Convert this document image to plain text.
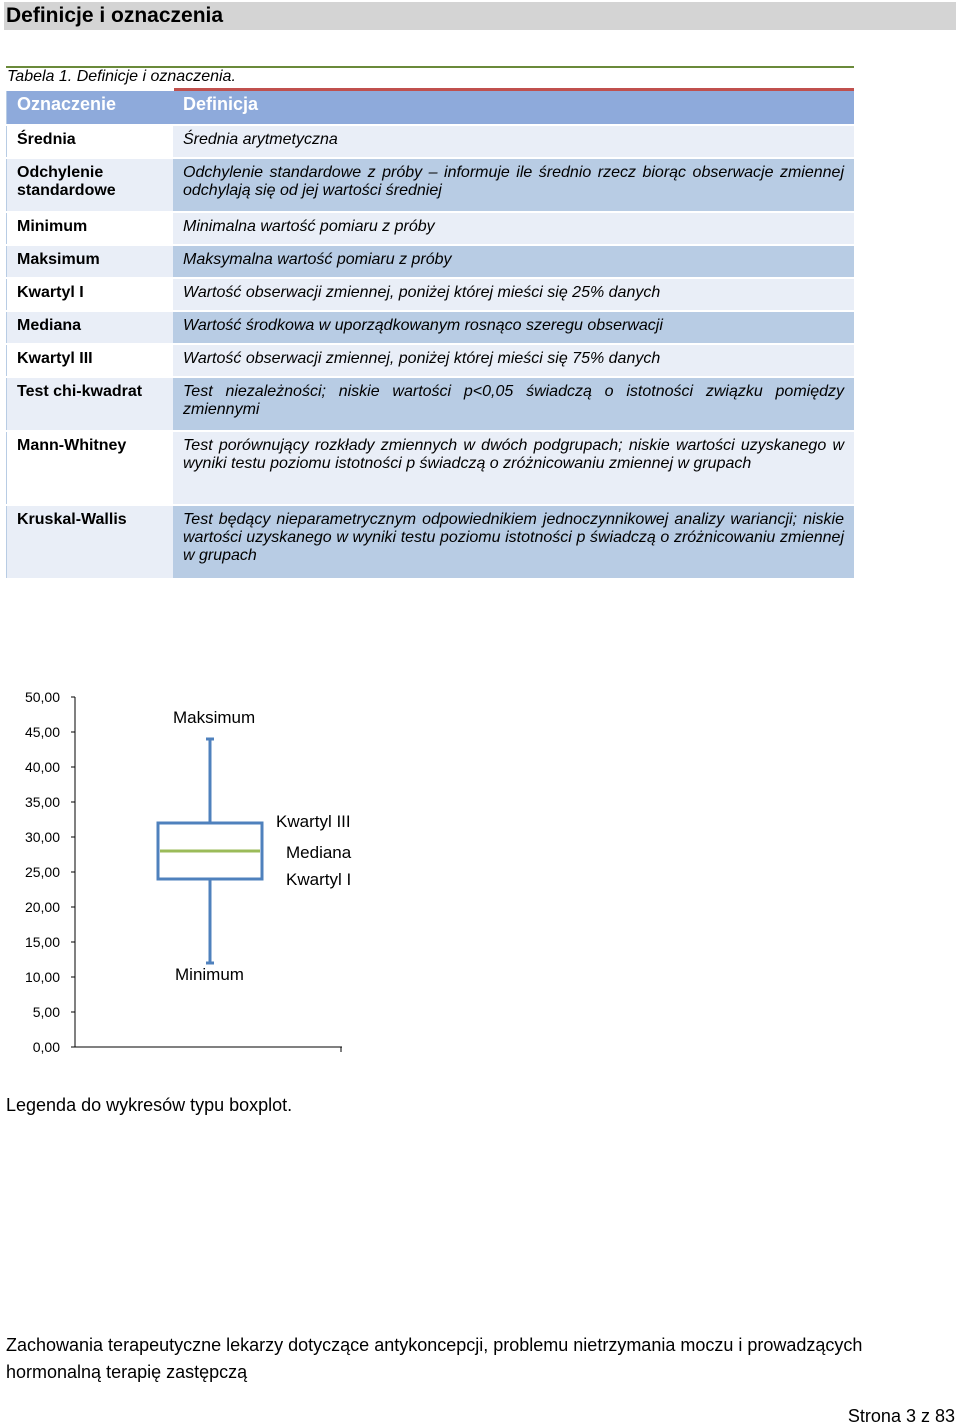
Definicje i oznaczenia
Tabela 1. Definicje i oznaczenia.
Oznaczenie	Definicja
Średnia	Średnia arytmetyczna
Odchylenie standardowe	Odchylenie standardowe z próby – informuje ile średnio rzecz biorąc obserwacje zmiennej odchylają się od jej wartości średniej
Minimum	Minimalna wartość pomiaru z próby
Maksimum	Maksymalna wartość pomiaru z próby
Kwartyl I	Wartość obserwacji zmiennej, poniżej której mieści się 25% danych
Mediana	Wartość środkowa w uporządkowanym rosnąco szeregu obserwacji
Kwartyl III	Wartość obserwacji zmiennej, poniżej której mieści się 75% danych
Test chi-kwadrat	Test niezależności; niskie wartości p<0,05 świadczą o istotności związku pomiędzy zmiennymi
Mann-Whitney	Test porównujący rozkłady zmiennych w dwóch podgrupach; niskie wartości uzyskanego w wyniki testu poziomu istotności p świadczą o zróżnicowaniu zmiennej w grupach
Kruskal-Wallis	Test będący nieparametrycznym odpowiednikiem jednoczynnikowej analizy wariancji; niskie wartości uzyskanego w wyniki testu poziomu istotności p świadczą o zróżnicowaniu zmiennej w grupach
0,00
5,00
10,00
15,00
20,00
25,00
30,00
35,00
40,00
45,00
50,00
Maksimum
Kwartyl III
Mediana
Kwartyl I
Minimum
Legenda do wykresów typu boxplot.
Zachowania terapeutyczne lekarzy dotyczące antykoncepcji, problemu nietrzymania moczu i prowadzących hormonalną terapię zastępczą
Strona 3 z 83
